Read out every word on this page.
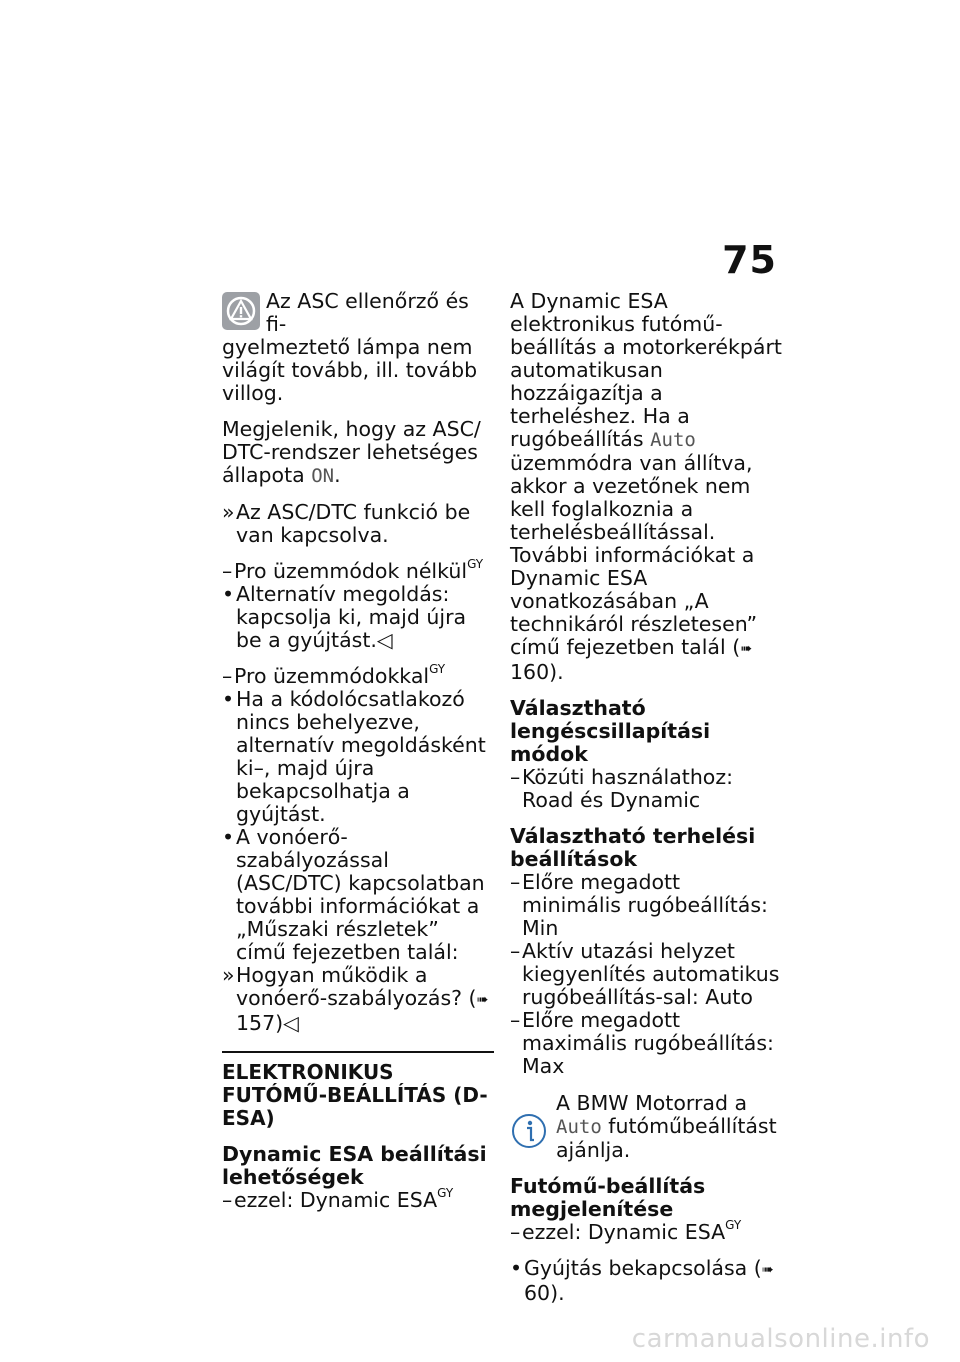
75

Az ASC ellenőrző és fi-

gyelmeztető lámpa nem

világít tovább, ill. tovább villog.

Megjelenik, hogy az ASC/
DTC-rendszer lehetséges
állapota ON.

» Az ASC/DTC funkció be van kapcsolva.
– Pro üzemmódok nélkül$^{GY}$
• Alternatív megoldás: kapcsolja ki, majd újra be a gyújtást.◁
– Pro üzemmódokkal$^{GY}$
• Ha a kódolócsatlakozó nincs behelyezve, alternatív megoldásként ki–, majd újra bekapcsolhatja a gyújtást.
• A vonóerő-szabályozással (ASC/DTC) kapcsolatban további információkat a „Műszaki részletek” című fejezetben talál:
» Hogyan működik a vonóerő-szabályozás? (➠ 157)◁
ELEKTRONIKUS FUTÓMŰ-BEÁLLÍTÁS (D-ESA)

Dynamic ESA beállítási lehetőségek

– ezzel: Dynamic $ESA^{GY}$

A Dynamic ESA elektronikus futómű-beállítás a motorkerékpárt automatikusan hozzáigazítja a terheléshez. Ha a rugóbeállítás Auto üzemmódra van állítva, akkor a vezetőnek nem kell foglalkoznia a terhelésbeállítással.

További információkat a Dynamic ESA vonatkozásában „A technikáról részletesen” című fejezetben talál (➠ 160).

Választható lengéscsillapítási módok

– Közúti használathoz: Road és Dynamic

Választható terhelési beállítások

– Előre megadott minimális rugóbeállítás: Min
– Aktív utazási helyzet kiegyenlítés automatikus rugóbeállítás-sal: Auto
– Előre megadott maximális rugóbeállítás: Max
A BMW Motorrad a Auto futóműbeállítást ajánlja.

Futómű-beállítás megjelenítése

– ezzel: Dynamic $ESA^{GY}$
• Gyújtás bekapcsolása (➠ 60).
carmanualsonline.info
